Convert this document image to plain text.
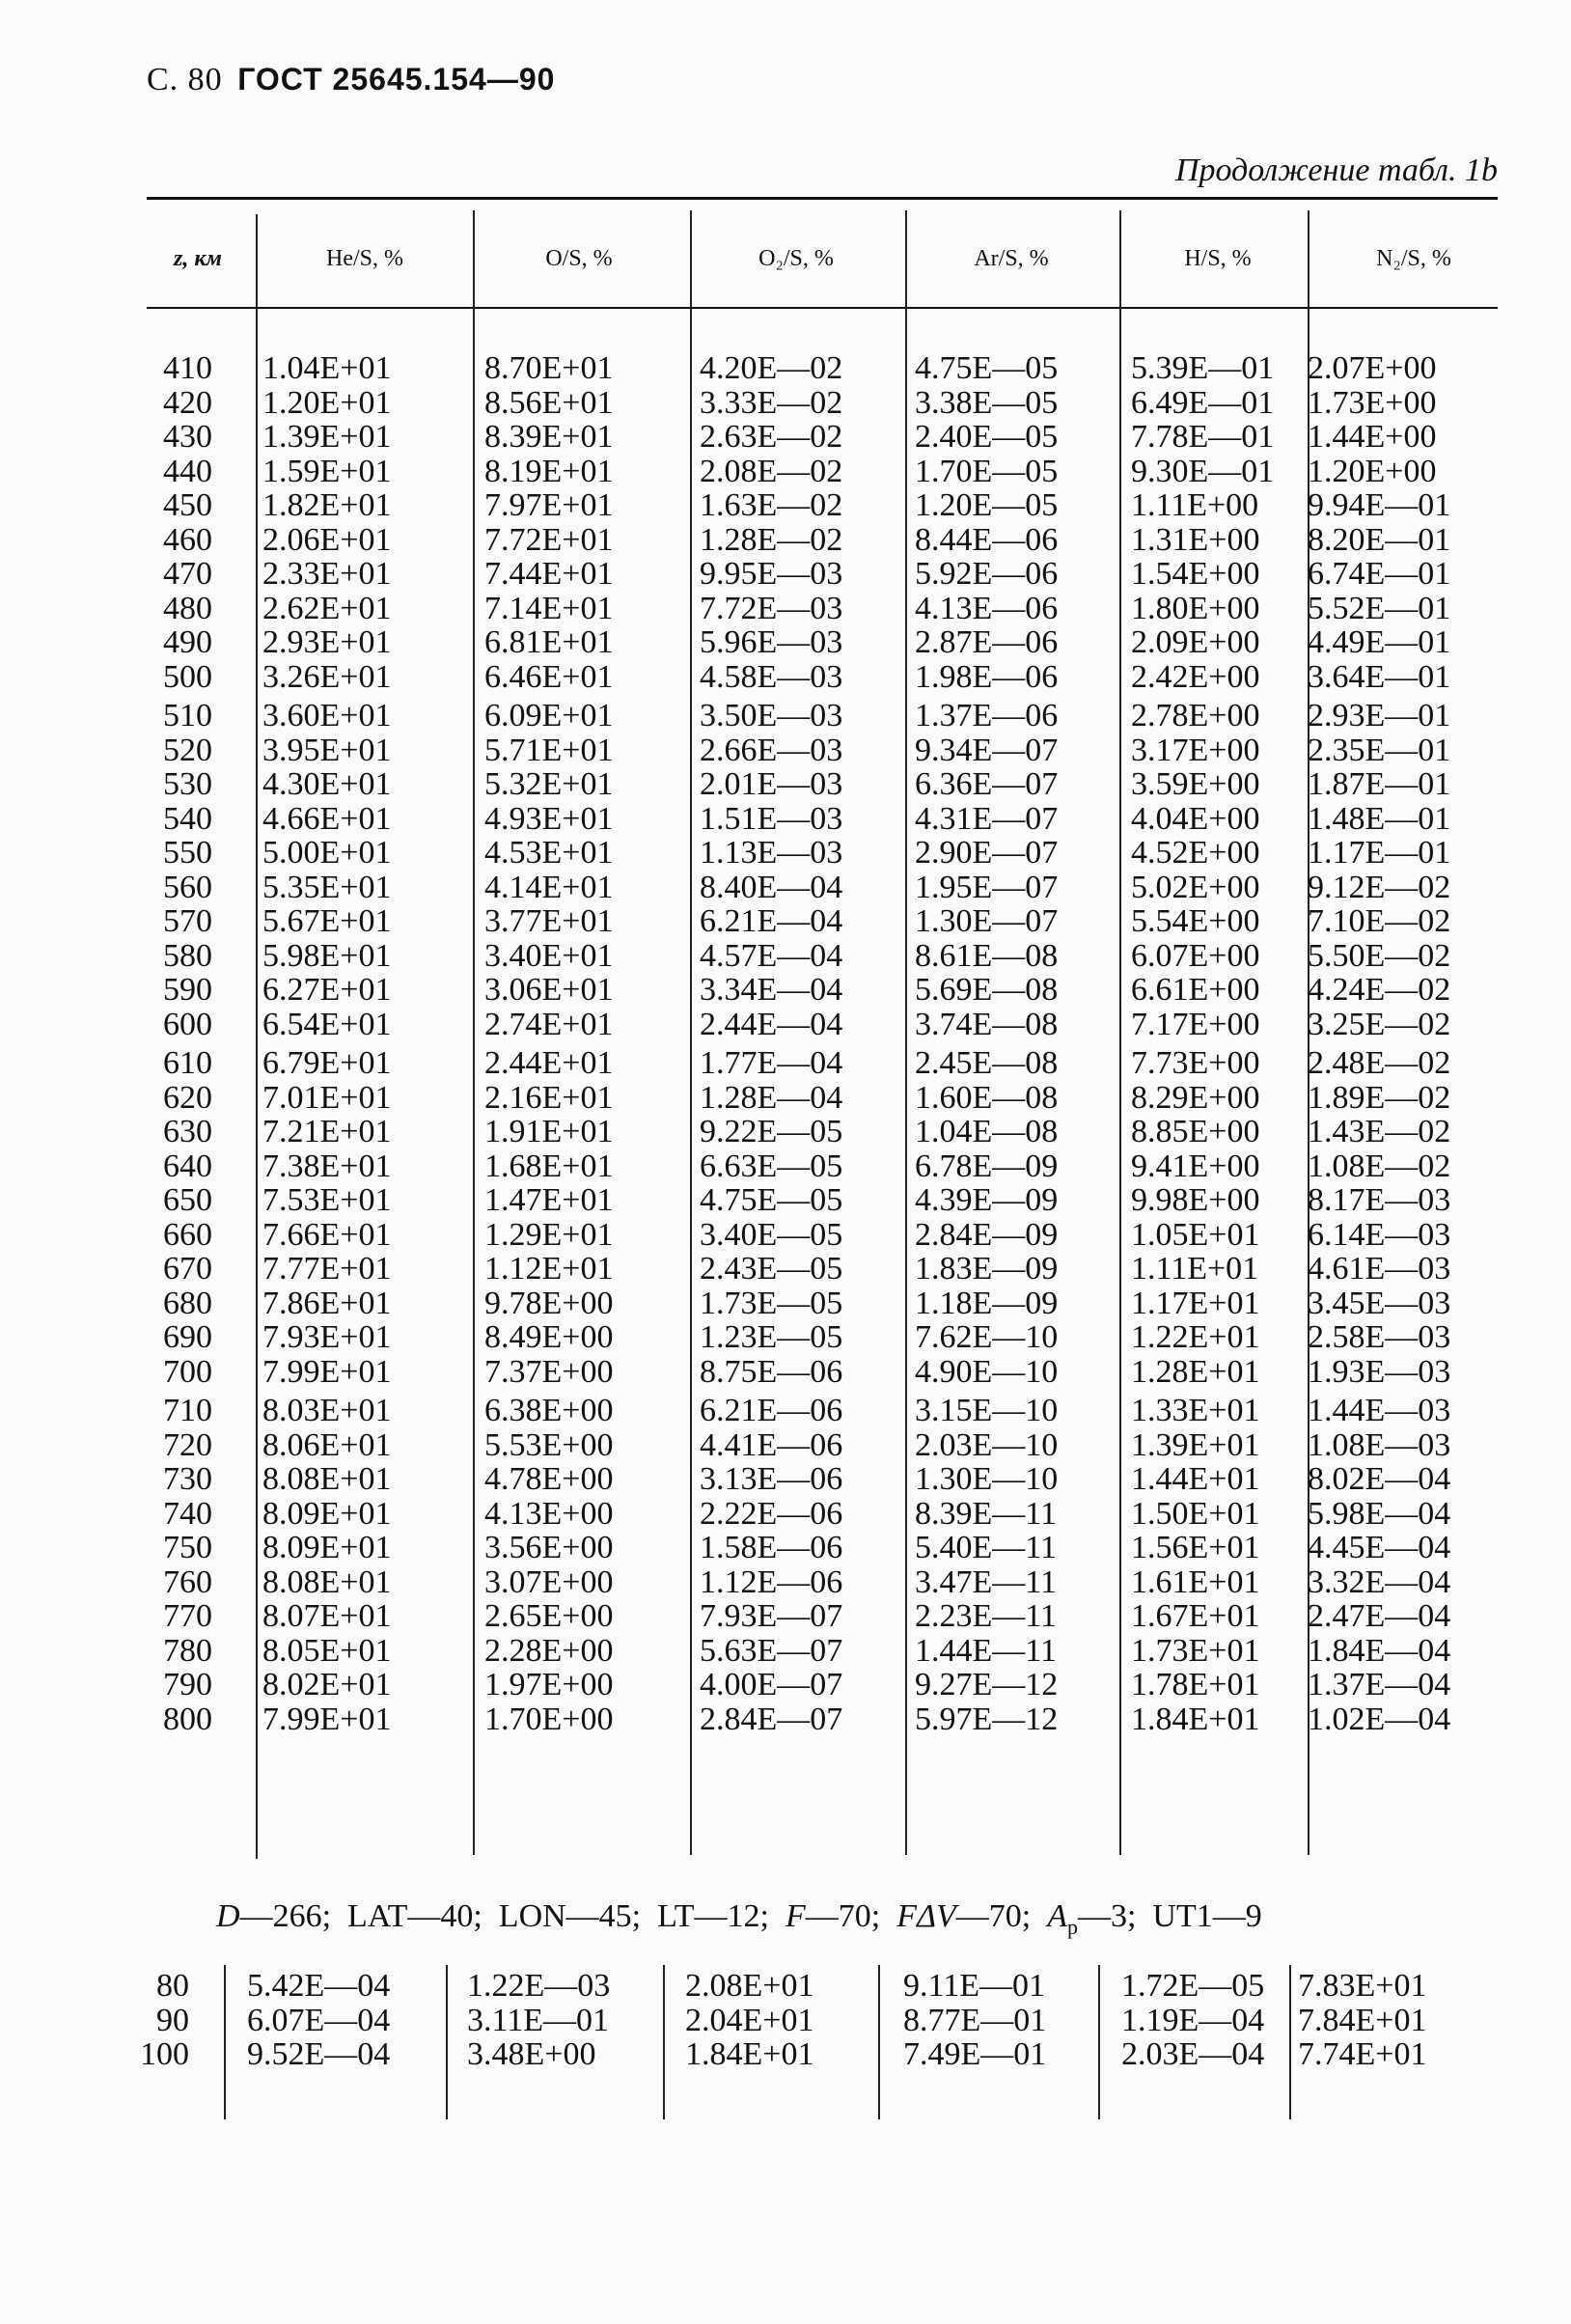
С. 80 ГОСТ 25645.154—90
Продолжение табл. 1b
z, км	He/S, %	O/S, %	O₂/S, %	Ar/S, %	H/S, %	N₂/S, %
410 1.04E+01	8.70E+01	4.20E—02 4.75E—05 5.39E—01 2.07E+00
420 1.20E+01	8.56E+01	3.33E—02 3.38E—05 6.49E—01 1.73E+00
430 1.39E+01	8.39E+01	2.63E—02 2.40E—05 7.78E—01 1.44E+00
440 1.59E+01	8.19E+01	2.08E—02 1.70E—05 9.30E—01 1.20E+00
450 1.82E+01	7.97E+01	1.63E—02 1.20E—05 1.11E+00 9.94E—01
460 2.06E+01	7.72E+01	1.28E—02 8.44E—06 1.31E+00 8.20E—01
470 2.33E+01	7.44E+01	9.95E—03 5.92E—06 1.54E+00 6.74E—01
480 2.62E+01	7.14E+01	7.72E—03 4.13E—06 1.80E+00 5.52E—01
490 2.93E+01	6.81E+01	5.96E—03 2.87E—06 2.09E+00 4.49E—01
500 3.26E+01	6.46E+01	4.58E—03 1.98E—06 2.42E+00 3.64E—01
510 3.60E+01	6.09E+01	3.50E—03 1.37E—06 2.78E+00 2.93E—01
520 3.95E+01	5.71E+01	2.66E—03 9.34E—07 3.17E+00 2.35E—01
530 4.30E+01	5.32E+01	2.01E—03 6.36E—07 3.59E+00 1.87E—01
540 4.66E+01	4.93E+01	1.51E—03 4.31E—07 4.04E+00 1.48E—01
550 5.00E+01	4.53E+01	1.13E—03 2.90E—07 4.52E+00 1.17E—01
560 5.35E+01	4.14E+01	8.40E—04 1.95E—07 5.02E+00 9.12E—02
570 5.67E+01	3.77E+01	6.21E—04 1.30E—07 5.54E+00 7.10E—02
580 5.98E+01	3.40E+01	4.57E—04 8.61E—08 6.07E+00 5.50E—02
590 6.27E+01	3.06E+01	3.34E—04 5.69E—08 6.61E+00 4.24E—02
600 6.54E+01	2.74E+01	2.44E—04 3.74E—08 7.17E+00 3.25E—02
610 6.79E+01	2.44E+01	1.77E—04 2.45E—08 7.73E+00 2.48E—02
620 7.01E+01	2.16E+01	1.28E—04 1.60E—08 8.29E+00 1.89E—02
630 7.21E+01	1.91E+01	9.22E—05 1.04E—08 8.85E+00 1.43E—02
640 7.38E+01	1.68E+01	6.63E—05 6.78E—09 9.41E+00 1.08E—02
650 7.53E+01	1.47E+01	4.75E—05 4.39E—09 9.98E+00 8.17E—03
660 7.66E+01	1.29E+01	3.40E—05 2.84E—09 1.05E+01 6.14E—03
670 7.77E+01	1.12E+01	2.43E—05 1.83E—09 1.11E+01 4.61E—03
680 7.86E+01	9.78E+00	1.73E—05 1.18E—09 1.17E+01 3.45E—03
690 7.93E+01	8.49E+00	1.23E—05 7.62E—10 1.22E+01 2.58E—03
700 7.99E+01	7.37E+00	8.75E—06 4.90E—10 1.28E+01 1.93E—03
710 8.03E+01	6.38E+00	6.21E—06 3.15E—10 1.33E+01 1.44E—03
720 8.06E+01	5.53E+00	4.41E—06 2.03E—10 1.39E+01 1.08E—03
730 8.08E+01	4.78E+00	3.13E—06 1.30E—10 1.44E+01 8.02E—04
740 8.09E+01	4.13E+00	2.22E—06 8.39E—11 1.50E+01 5.98E—04
750 8.09E+01	3.56E+00	1.58E—06 5.40E—11 1.56E+01 4.45E—04
760 8.08E+01	3.07E+00	1.12E—06 3.47E—11 1.61E+01 3.32E—04
770 8.07E+01	2.65E+00	7.93E—07 2.23E—11 1.67E+01 2.47E—04
780 8.05E+01	2.28E+00	5.63E—07 1.44E—11 1.73E+01 1.84E—04
790 8.02E+01	1.97E+00	4.00E—07 9.27E—12 1.78E+01 1.37E—04
800 7.99E+01	1.70E+00	2.84E—07 5.97E—12 1.84E+01 1.02E—04
D—266; LAT—40; LON—45; LT—12; F—70; FΔV—70; $A_p—3$; UT1—9
80 5.42E—04 1.22E—03 2.08E+01	9.11E—01 1.72E—05 7.83E+01
90 6.07E—04 3.11E—01 2.04E+01	8.77E—01 1.19E—04 7.84E+01
100 9.52E—04 3.48E+00	1.84E+01	7.49E—01 2.03E—04 7.74E+01
